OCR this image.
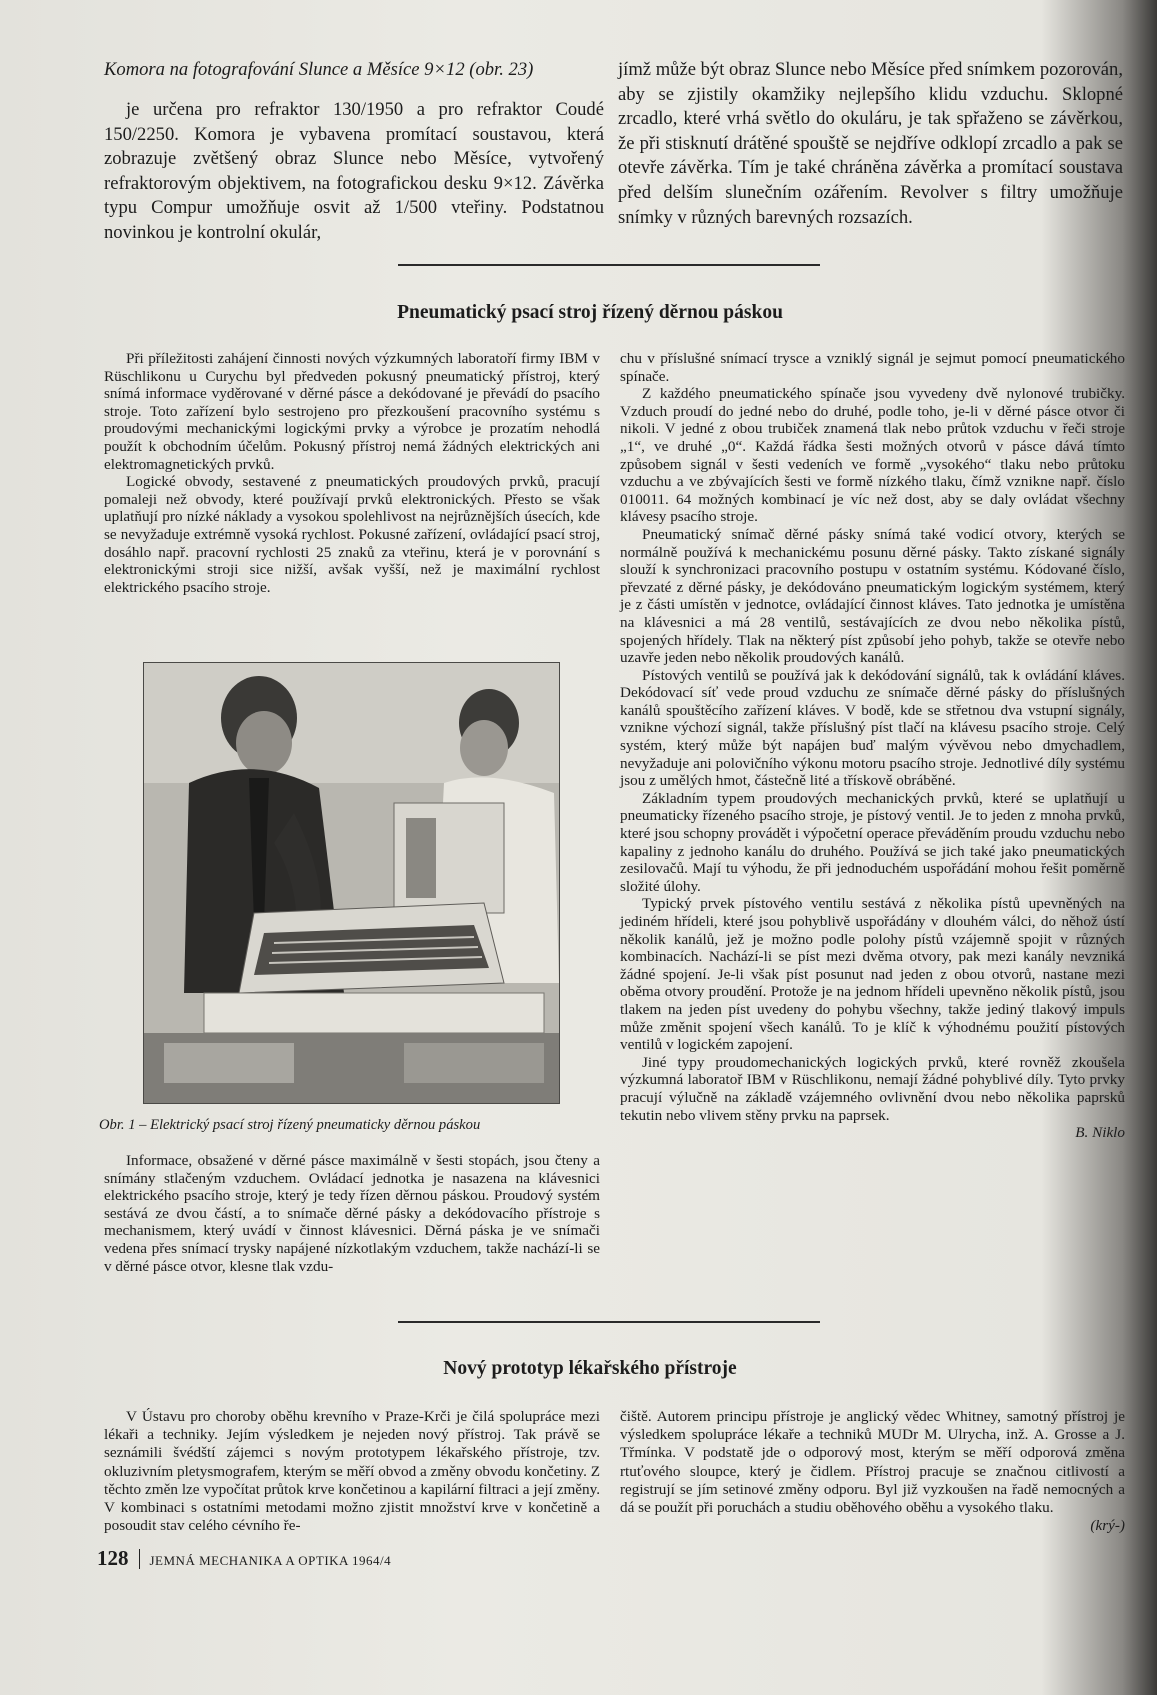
Komora na fotografování Slunce a Měsíce 9×12 (obr. 23)

je určena pro refraktor 130/1950 a pro refraktor Coudé 150/2250. Komora je vybavena promítací soustavou, která zobrazuje zvětšený obraz Slunce nebo Měsíce, vytvořený refraktorovým objektivem, na fotografickou desku 9×12. Závěrka typu Compur umožňuje osvit až 1/500 vteřiny. Podstatnou novinkou je kontrolní okulár,

jímž může být obraz Slunce nebo Měsíce před snímkem pozorován, aby se zjistily okamžiky nejlepšího klidu vzduchu. Sklopné zrcadlo, které vrhá světlo do okuláru, je tak spřaženo se závěrkou, že při stisknutí drátěné spouště se nejdříve odklopí zrcadlo a pak se otevře závěrka. Tím je také chráněna závěrka a promítací soustava před delším slunečním ozářením. Revolver s filtry umožňuje snímky v různých barevných rozsazích.

Pneumatický psací stroj řízený děrnou páskou

Při příležitosti zahájení činnosti nových výzkumných laboratoří firmy IBM v Rüschlikonu u Curychu byl předveden pokusný pneumatický přístroj, který snímá informace vyděrované v děrné pásce a dekódované je převádí do psacího stroje. Toto zařízení bylo sestrojeno pro přezkoušení pracovního systému s proudovými mechanickými logickými prvky a výrobce je prozatím nehodlá použít k obchodním účelům. Pokusný přístroj nemá žádných elektrických ani elektromagnetických prvků.

Logické obvody, sestavené z pneumatických proudových prvků, pracují pomaleji než obvody, které používají prvků elektronických. Přesto se však uplatňují pro nízké náklady a vysokou spolehlivost na nejrůznějších úsecích, kde se nevyžaduje extrémně vysoká rychlost. Pokusné zařízení, ovládající psací stroj, dosáhlo např. pracovní rychlosti 25 znaků za vteřinu, která je v porovnání s elektronickými stroji sice nižší, avšak vyšší, než je maximální rychlost elektrického psacího stroje.

Obr. 1 – Elektrický psací stroj řízený pneumaticky děrnou páskou

Informace, obsažené v děrné pásce maximálně v šesti stopách, jsou čteny a snímány stlačeným vzduchem. Ovládací jednotka je nasazena na klávesnici elektrického psacího stroje, který je tedy řízen děrnou páskou. Proudový systém sestává ze dvou částí, a to snímače děrné pásky a dekódovacího přístroje s mechanismem, který uvádí v činnost klávesnici. Děrná páska je ve snímači vedena přes snímací trysky napájené nízkotlakým vzduchem, takže nachází-li se v děrné pásce otvor, klesne tlak vzdu-

chu v příslušné snímací trysce a vzniklý signál je sejmut pomocí pneumatického spínače.

Z každého pneumatického spínače jsou vyvedeny dvě nylonové trubičky. Vzduch proudí do jedné nebo do druhé, podle toho, je-li v děrné pásce otvor či nikoli. V jedné z obou trubiček znamená tlak nebo průtok vzduchu v řeči stroje „1“, ve druhé „0“. Každá řádka šesti možných otvorů v pásce dává tímto způsobem signál v šesti vedeních ve formě „vysokého“ tlaku nebo průtoku vzduchu a ve zbývajících šesti ve formě nízkého tlaku, čímž vznikne např. číslo 010011. 64 možných kombinací je víc než dost, aby se daly ovládat všechny klávesy psacího stroje.

Pneumatický snímač děrné pásky snímá také vodicí otvory, kterých se normálně používá k mechanickému posunu děrné pásky. Takto získané signály slouží k synchronizaci pracovního postupu v ostatním systému. Kódované číslo, převzaté z děrné pásky, je dekódováno pneumatickým logickým systémem, který je z části umístěn v jednotce, ovládající činnost kláves. Tato jednotka je umístěna na klávesnici a má 28 ventilů, sestávajících ze dvou nebo několika pístů, spojených hřídely. Tlak na některý píst způsobí jeho pohyb, takže se otevře nebo uzavře jeden nebo několik proudových kanálů.

Pístových ventilů se používá jak k dekódování signálů, tak k ovládání kláves. Dekódovací síť vede proud vzduchu ze snímače děrné pásky do příslušných kanálů spouštěcího zařízení kláves. V bodě, kde se střetnou dva vstupní signály, vznikne výchozí signál, takže příslušný píst tlačí na klávesu psacího stroje. Celý systém, který může být napájen buď malým vývěvou nebo dmychadlem, nevyžaduje ani polovičního výkonu motoru psacího stroje. Jednotlivé díly systému jsou z umělých hmot, částečně lité a třískově obráběné.

Základním typem proudových mechanických prvků, které se uplatňují u pneumaticky řízeného psacího stroje, je pístový ventil. Je to jeden z mnoha prvků, které jsou schopny provádět i výpočetní operace převáděním proudu vzduchu nebo kapaliny z jednoho kanálu do druhého. Používá se jich také jako pneumatických zesilovačů. Mají tu výhodu, že při jednoduchém uspořádání mohou řešit poměrně složité úlohy.

Typický prvek pístového ventilu sestává z několika pístů upevněných na jediném hřídeli, které jsou pohyblivě uspořádány v dlouhém válci, do něhož ústí několik kanálů, jež je možno podle polohy pístů vzájemně spojit v různých kombinacích. Nachází-li se píst mezi dvěma otvory, pak mezi kanály nevzniká žádné spojení. Je-li však píst posunut nad jeden z obou otvorů, nastane mezi oběma otvory proudění. Protože je na jednom hřídeli upevněno několik pístů, jsou tlakem na jeden píst uvedeny do pohybu všechny, takže jediný tlakový impuls může změnit spojení všech kanálů. To je klíč k výhodnému použití pístových ventilů v logickém zapojení.

Jiné typy proudomechanických logických prvků, které rovněž zkoušela výzkumná laboratoř IBM v Rüschlikonu, nemají žádné pohyblivé díly. Tyto prvky pracují výlučně na základě vzájemného ovlivnění dvou nebo několika paprsků tekutin nebo vlivem stěny prvku na paprsek.

B. Niklo

Nový prototyp lékařského přístroje

V Ústavu pro choroby oběhu krevního v Praze-Krči je čilá spolupráce mezi lékaři a techniky. Jejím výsledkem je nejeden nový přístroj. Tak právě se seznámili švédští zájemci s novým prototypem lékařského přístroje, tzv. okluzivním pletysmografem, kterým se měří obvod a změny obvodu končetiny. Z těchto změn lze vypočítat průtok krve končetinou a kapilární filtraci a její změny. V kombinaci s ostatními metodami možno zjistit množství krve v končetině a posoudit stav celého cévního ře-

čiště. Autorem principu přístroje je anglický vědec Whitney, samotný přístroj je výsledkem spolupráce lékaře a techniků MUDr M. Ulrycha, inž. A. Grosse a J. Třmínka. V podstatě jde o odporový most, kterým se měří odporová změna rtuťového sloupce, který je čidlem. Přístroj pracuje se značnou citlivostí a registrují se jím setinové změny odporu. Byl již vyzkoušen na řadě nemocných a dá se použít při poruchách a studiu oběhového oběhu a vysokého tlaku.

(krý-)

128 JEMNÁ MECHANIKA A OPTIKA 1964/4
